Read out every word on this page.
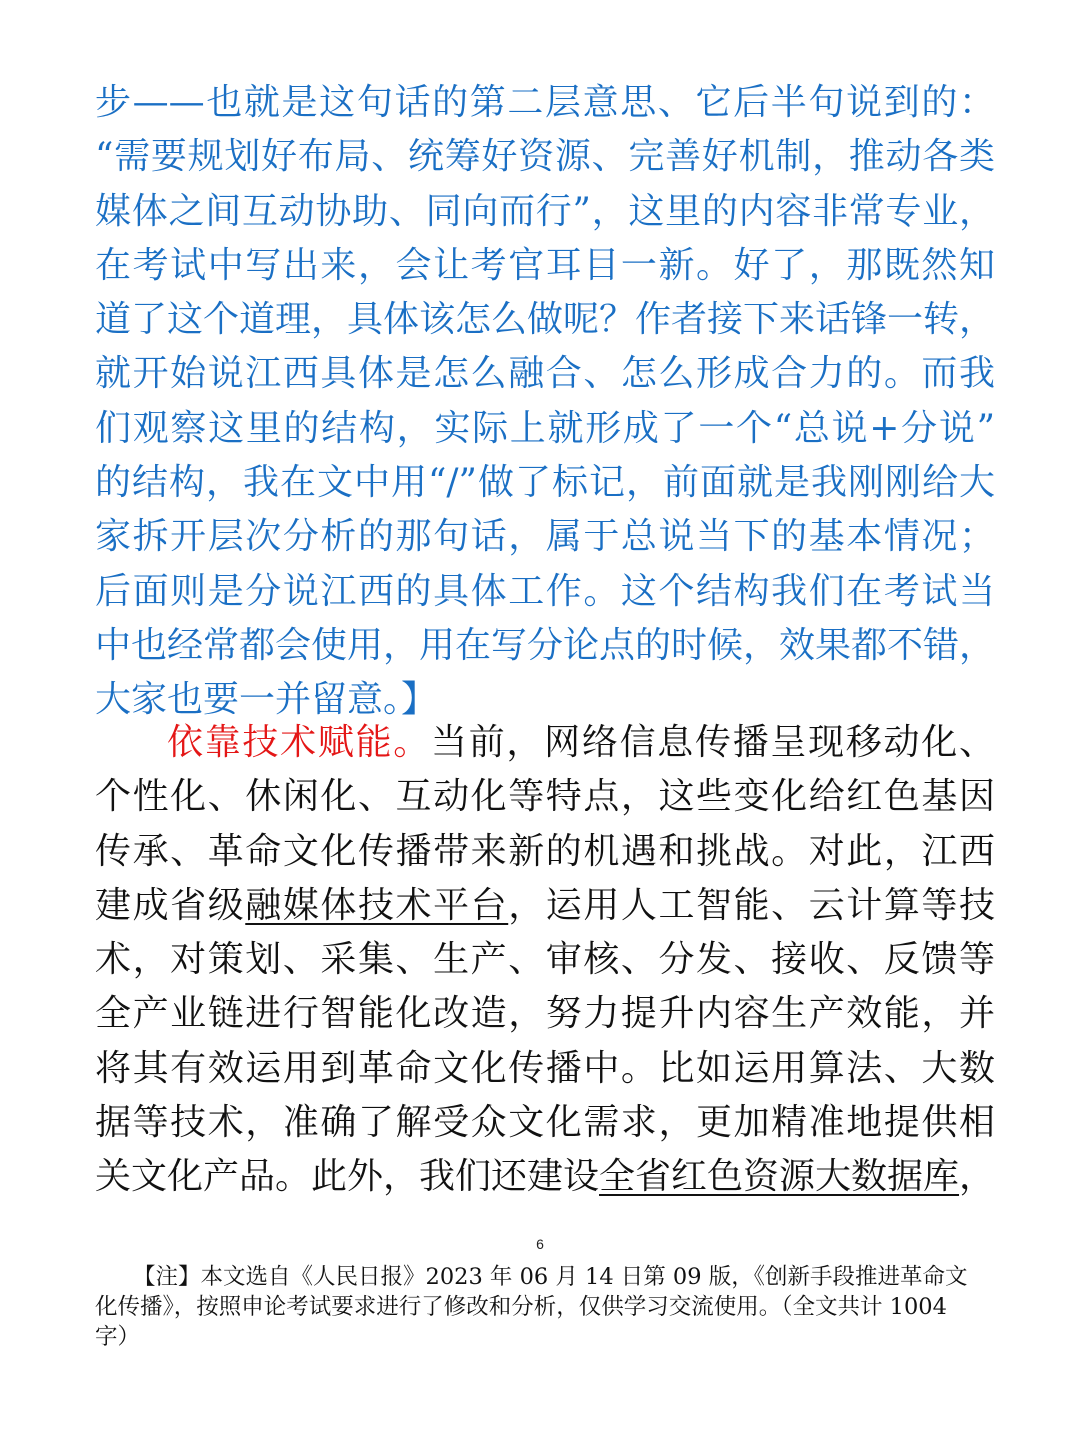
步——也就是这句话的第二层意思、它后半句说到的：
“需要规划好布局、统筹好资源、完善好机制，推动各类
媒体之间互动协助、同向而行”，这里的内容非常专业，
在考试中写出来，会让考官耳目一新。好了，那既然知
道了这个道理，具体该怎么做呢？作者接下来话锋一转，
就开始说江西具体是怎么融合、怎么形成合力的。而我
们观察这里的结构，实际上就形成了一个“总说+分说”
的结构，我在文中用“/”做了标记，前面就是我刚刚给大
家拆开层次分析的那句话，属于总说当下的基本情况；
后面则是分说江西的具体工作。这个结构我们在考试当
中也经常都会使用，用在写分论点的时候，效果都不错，
大家也要一并留意。】
依靠技术赋能。当前，网络信息传播呈现移动化、
个性化、休闲化、互动化等特点，这些变化给红色基因
传承、革命文化传播带来新的机遇和挑战。对此，江西
建成省级融媒体技术平台，运用人工智能、云计算等技
术，对策划、采集、生产、审核、分发、接收、反馈等
全产业链进行智能化改造，努力提升内容生产效能，并
将其有效运用到革命文化传播中。比如运用算法、大数
据等技术，准确了解受众文化需求，更加精准地提供相
关文化产品。此外，我们还建设全省红色资源大数据库，
6
【注】本文选自《人民日报》2023 年 06 月 14 日第 09 版，《创新手段推进革命文
化传播》，按照申论考试要求进行了修改和分析，仅供学习交流使用。（全文共计 1004
字）
